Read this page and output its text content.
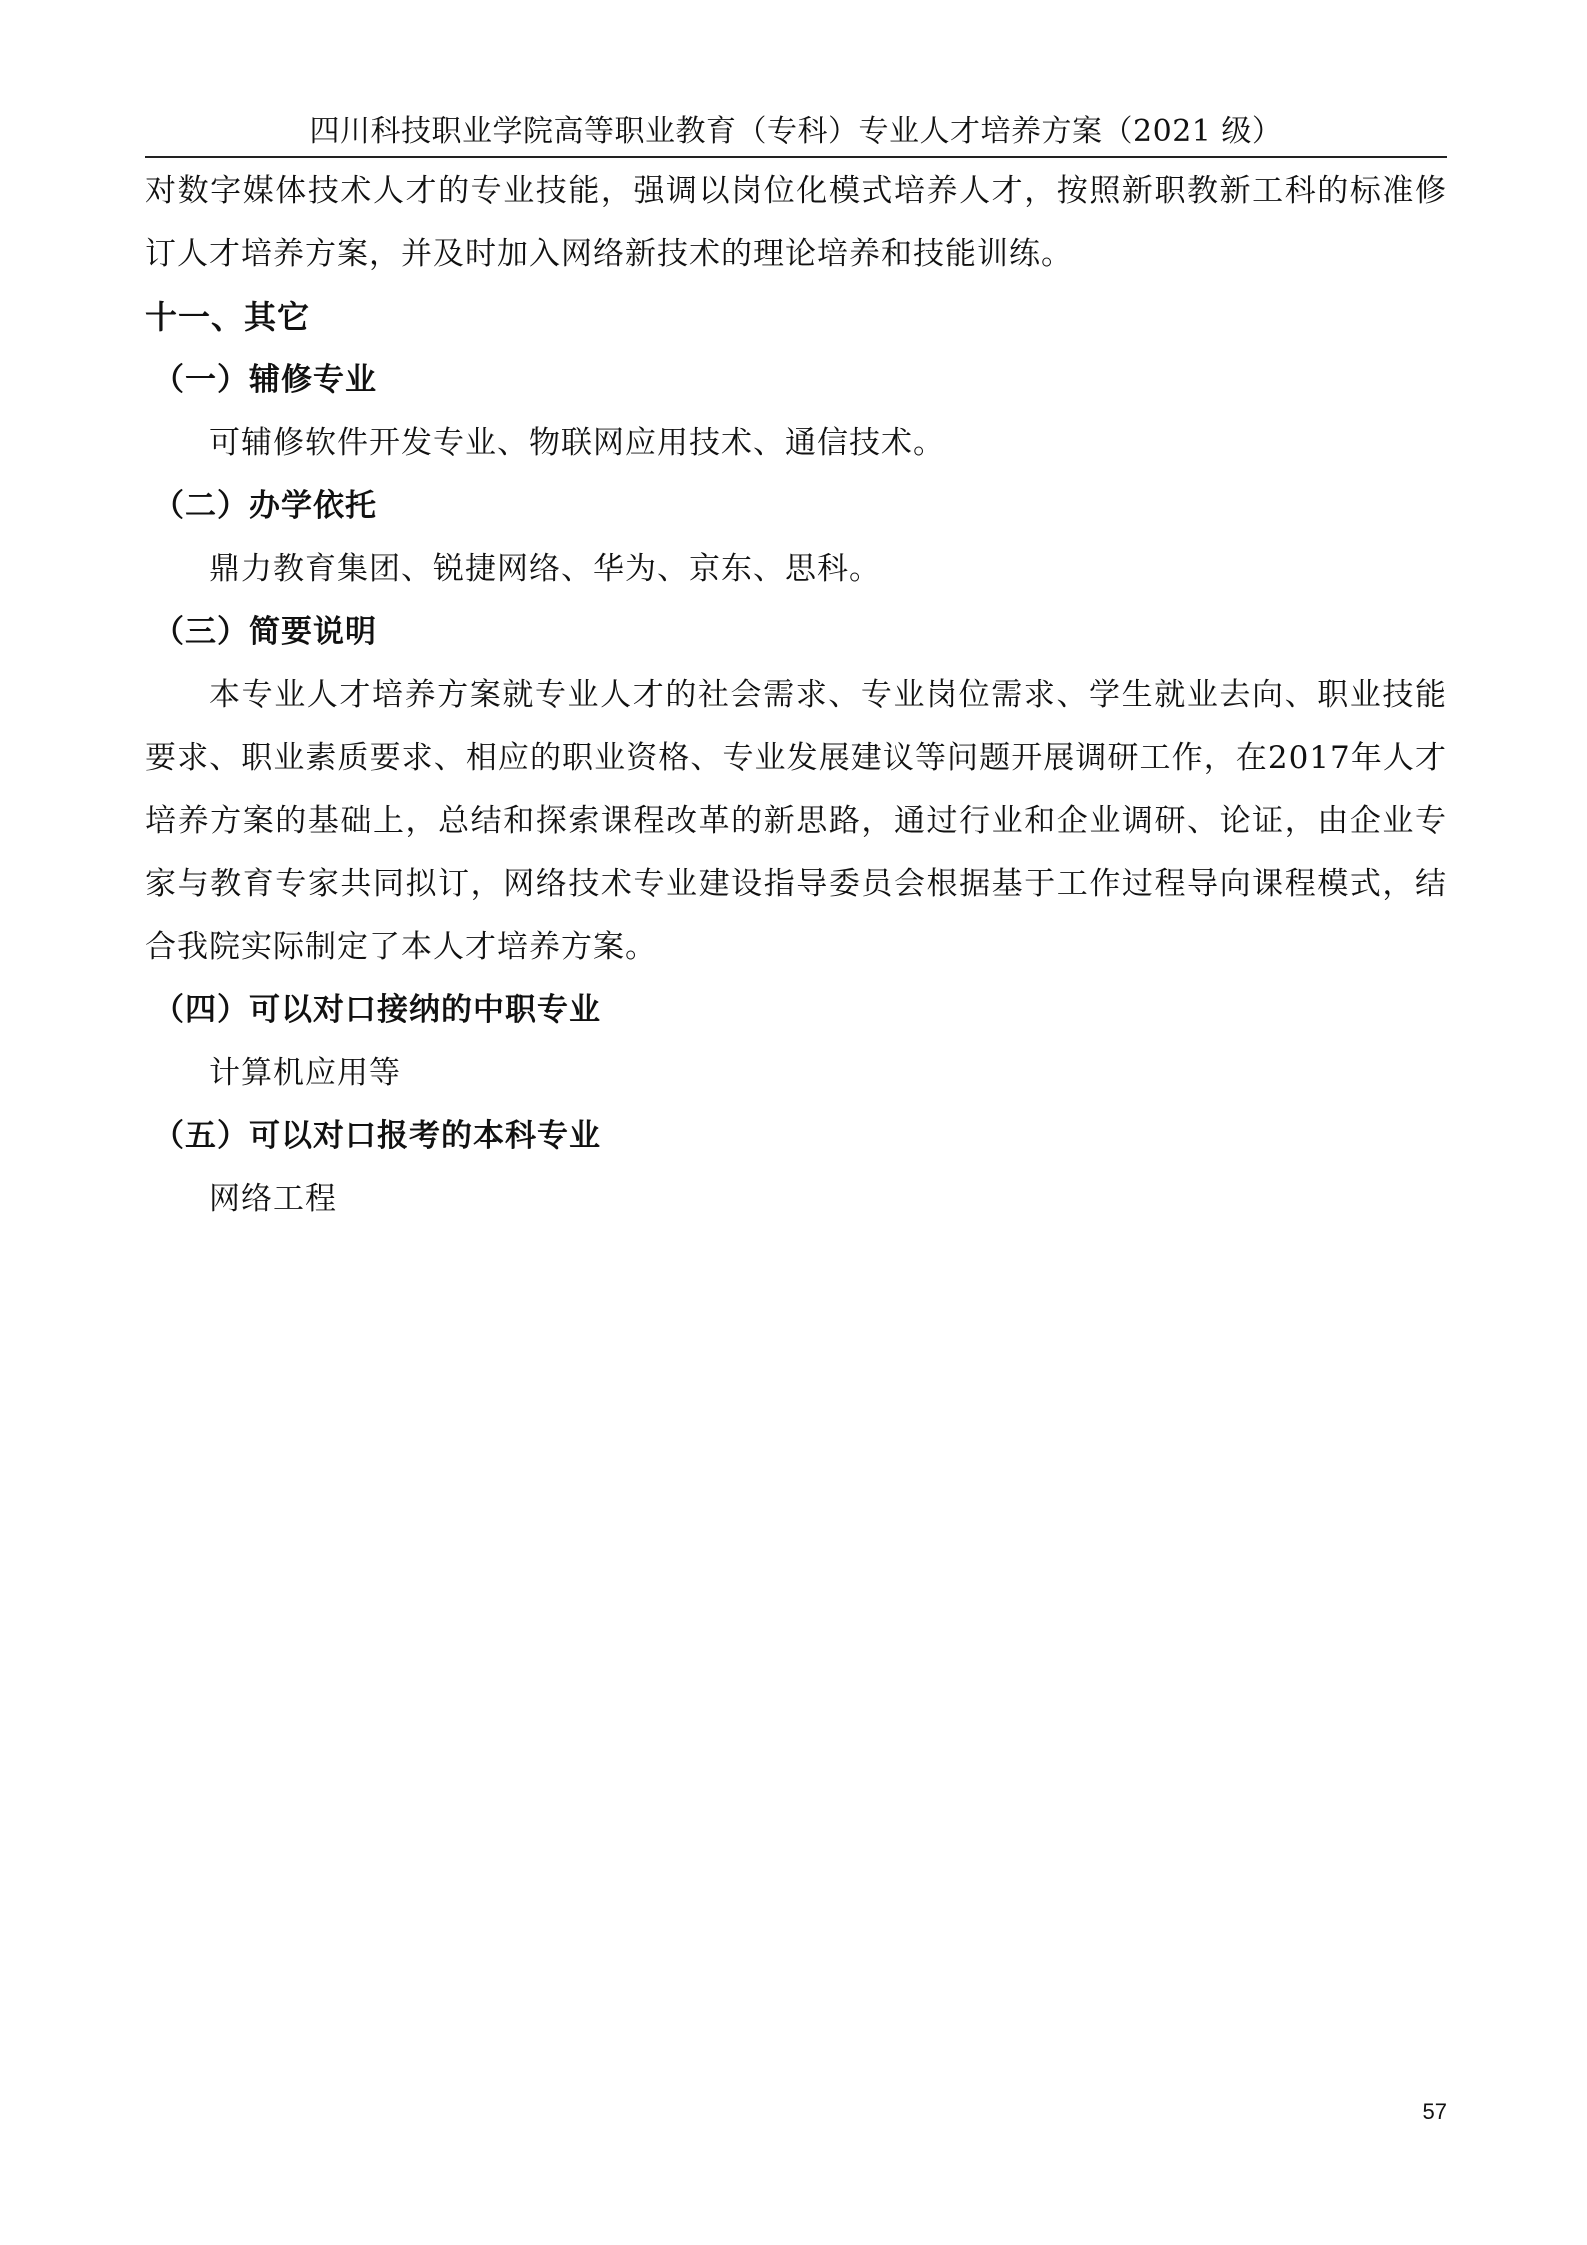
四川科技职业学院高等职业教育（专科）专业人才培养方案（2021 级）

对数字媒体技术人才的专业技能，强调以岗位化模式培养人才，按照新职教新工科的标准修订人才培养方案，并及时加入网络新技术的理论培养和技能训练。

十一、其它
（一）辅修专业

可辅修软件开发专业、物联网应用技术、通信技术。

（二）办学依托

鼎力教育集团、锐捷网络、华为、京东、思科。

（三）简要说明

本专业人才培养方案就专业人才的社会需求、专业岗位需求、学生就业去向、职业技能要求、职业素质要求、相应的职业资格、专业发展建议等问题开展调研工作，在2017年人才培养方案的基础上，总结和探索课程改革的新思路，通过行业和企业调研、论证，由企业专家与教育专家共同拟订，网络技术专业建设指导委员会根据基于工作过程导向课程模式，结合我院实际制定了本人才培养方案。

（四）可以对口接纳的中职专业

计算机应用等

（五）可以对口报考的本科专业

网络工程

57
